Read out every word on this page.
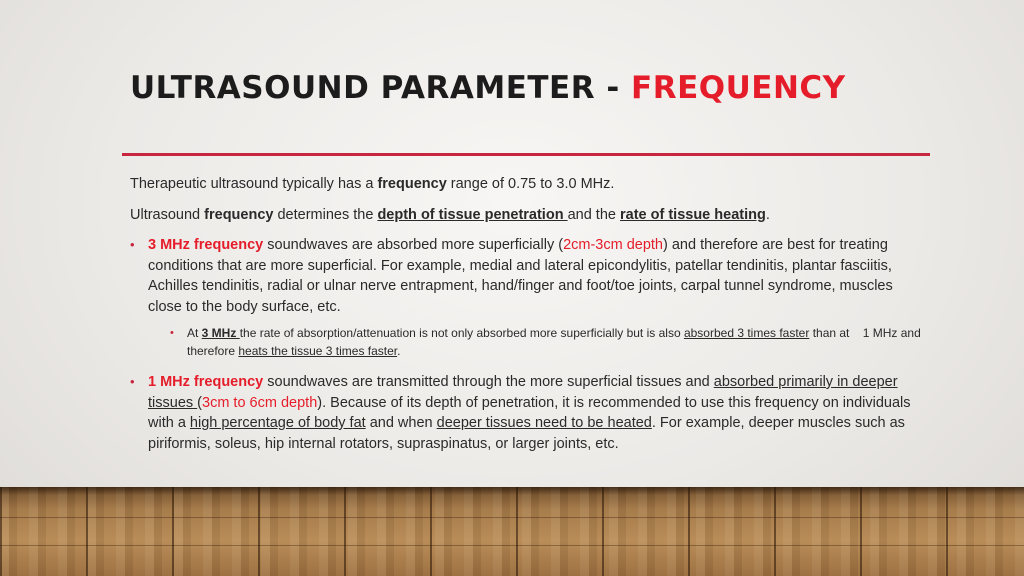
ULTRASOUND PARAMETER - FREQUENCY
Therapeutic ultrasound typically has a frequency range of 0.75 to 3.0 MHz.
Ultrasound frequency determines the depth of tissue penetration and the rate of tissue heating.
• 3 MHz frequency soundwaves are absorbed more superficially (2cm-3cm depth) and therefore are best for treating conditions that are more superficial. For example, medial and lateral epicondylitis, patellar tendinitis, plantar fasciitis, Achilles tendinitis, radial or ulnar nerve entrapment, hand/finger and foot/toe joints, carpal tunnel syndrome, muscles close to the body surface, etc.
• At 3 MHz the rate of absorption/attenuation is not only absorbed more superficially but is also absorbed 3 times faster than at    1 MHz and therefore heats the tissue 3 times faster.
• 1 MHz frequency soundwaves are transmitted through the more superficial tissues and absorbed primarily in deeper tissues (3cm to 6cm depth). Because of its depth of penetration, it is recommended to use this frequency on individuals with a high percentage of body fat and when deeper tissues need to be heated. For example, deeper muscles such as piriformis, soleus, hip internal rotators, supraspinatus, or larger joints, etc.
